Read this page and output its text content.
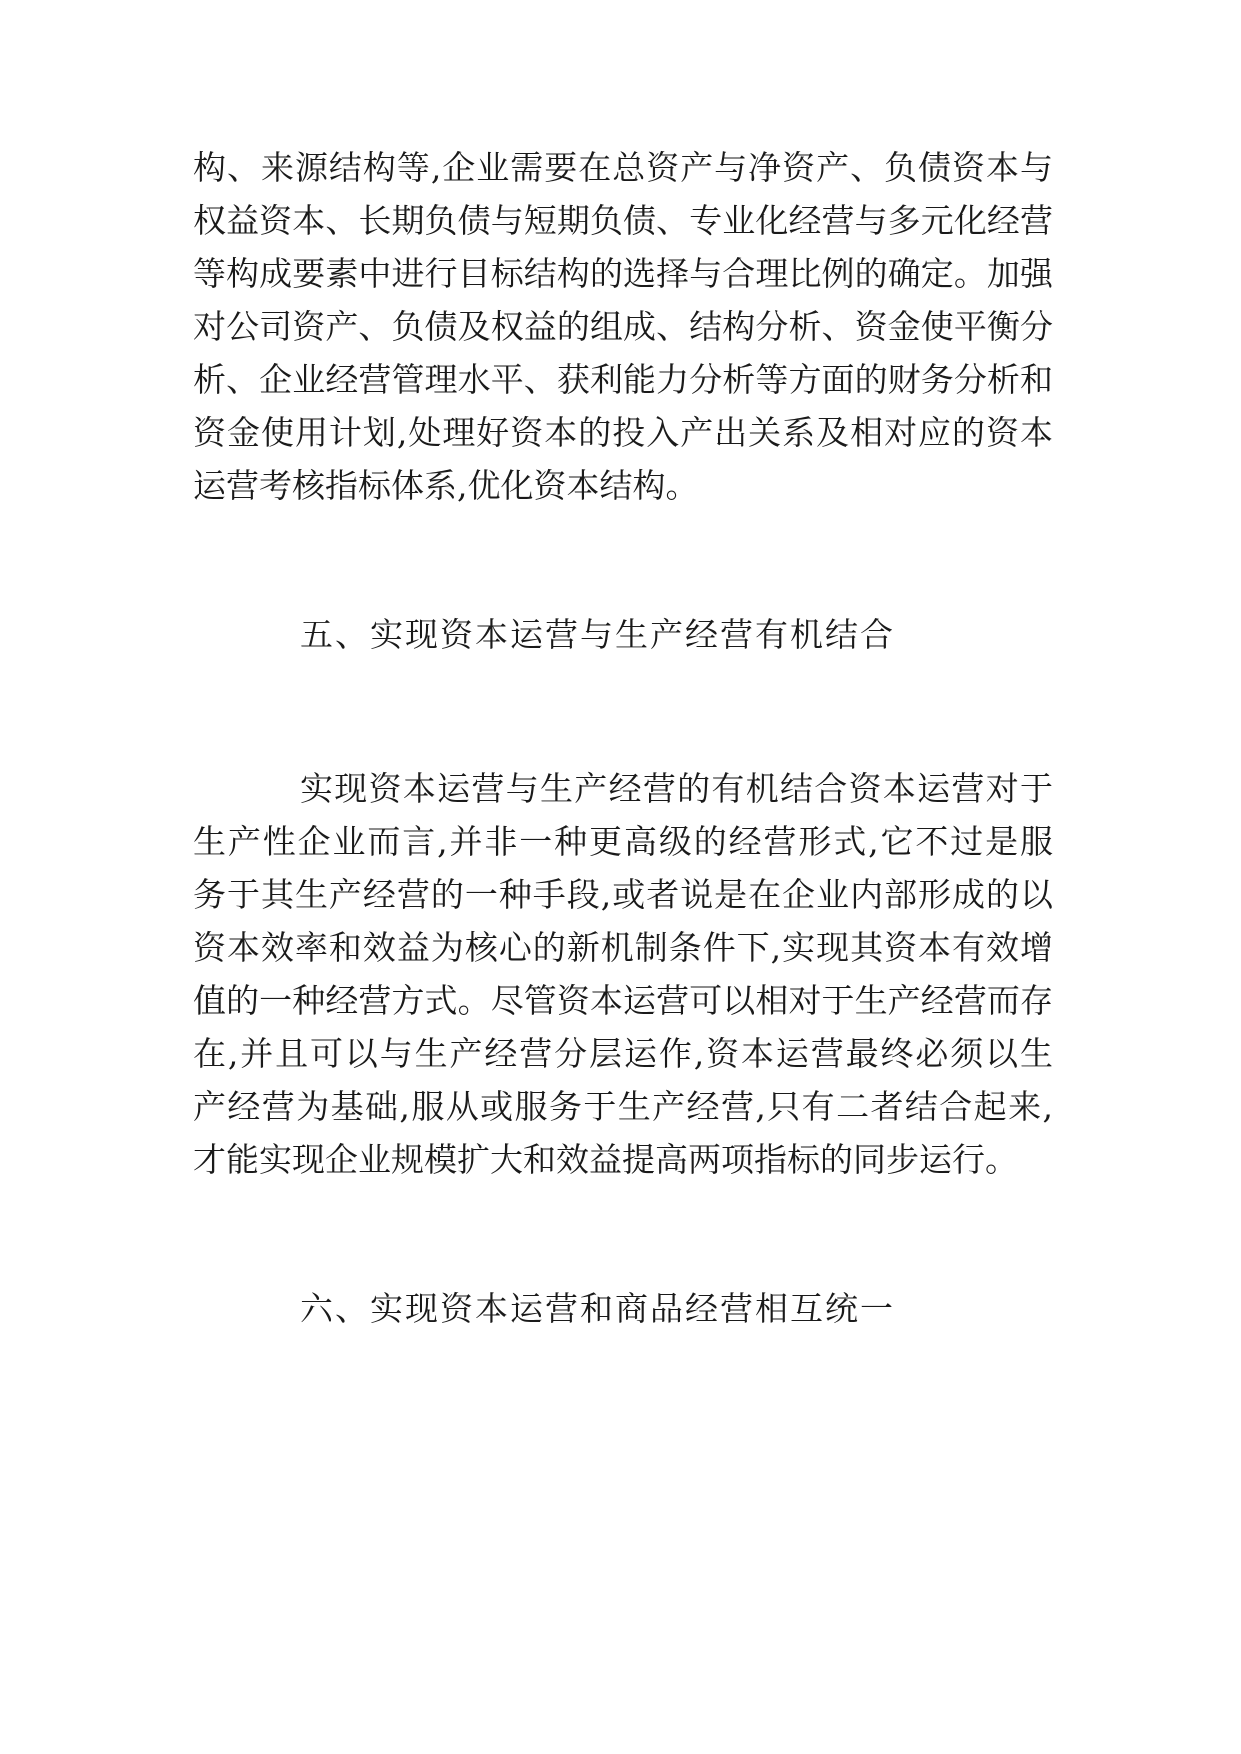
构、来源结构等,企业需要在总资产与净资产、负债资本与
权益资本、长期负债与短期负债、专业化经营与多元化经营
等构成要素中进行目标结构的选择与合理比例的确定。加强
对公司资产、负债及权益的组成、结构分析、资金使平衡分
析、企业经营管理水平、获利能力分析等方面的财务分析和
资金使用计划,处理好资本的投入产出关系及相对应的资本
运营考核指标体系,优化资本结构。
五、实现资本运营与生产经营有机结合
实现资本运营与生产经营的有机结合资本运营对于
生产性企业而言,并非一种更高级的经营形式,它不过是服
务于其生产经营的一种手段,或者说是在企业内部形成的以
资本效率和效益为核心的新机制条件下,实现其资本有效增
值的一种经营方式。尽管资本运营可以相对于生产经营而存
在,并且可以与生产经营分层运作,资本运营最终必须以生
产经营为基础,服从或服务于生产经营,只有二者结合起来,
才能实现企业规模扩大和效益提高两项指标的同步运行。
六、实现资本运营和商品经营相互统一
